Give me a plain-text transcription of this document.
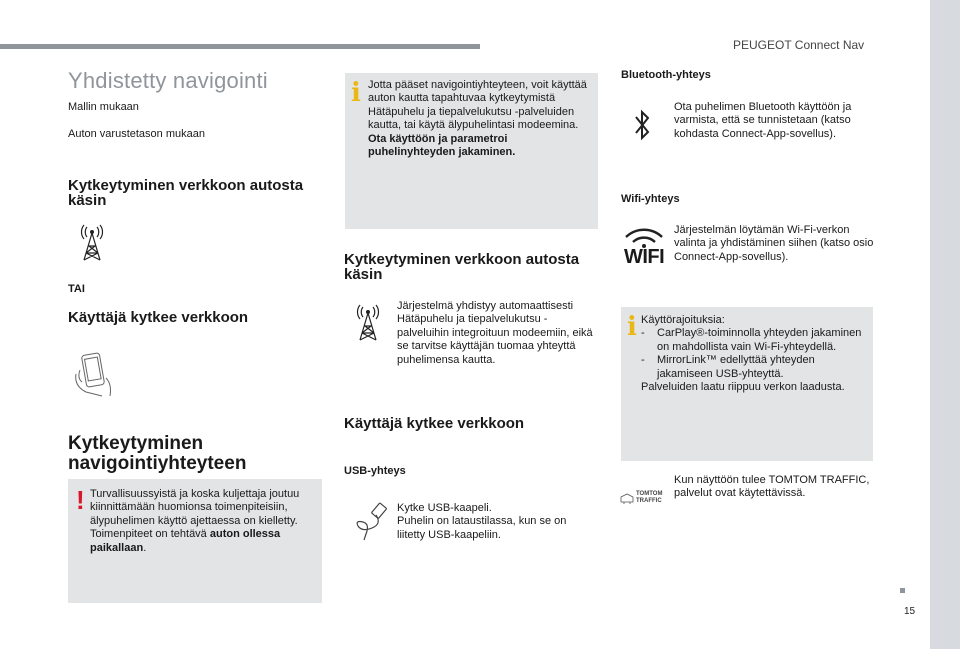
PEUGEOT Connect Nav
Yhdistetty navigointi
Mallin mukaan
Auton varustetason mukaan
Kytkeytyminen verkkoon autosta käsin
TAI
Käyttäjä kytkee verkkoon
Kytkeytyminen
navigointiyhteyteen
! Turvallisuussyistä ja koska kuljettaja joutuu kiinnittämään huomionsa toimenpiteisiin, älypuhelimen käyttö ajettaessa on kielletty.
Toimenpiteet on tehtävä auton ollessa paikallaan.
i Jotta pääset navigointiyhteyteen, voit käyttää auton kautta tapahtuvaa kytkeytymistä Hätäpuhelu ja tiepalvelukutsu -palveluiden kautta, tai käytä älypuhelintasi modeemina.
Ota käyttöön ja parametroi puhelinyhteyden jakaminen.
Kytkeytyminen verkkoon autosta käsin
Järjestelmä yhdistyy automaattisesti Hätäpuhelu ja tiepalvelukutsu -palveluihin integroituun modeemiin, eikä se tarvitse käyttäjän tuomaa yhteyttä puhelimensa kautta.
Käyttäjä kytkee verkkoon
USB-yhteys
Kytke USB-kaapeli.
Puhelin on lataustilassa, kun se on liitetty USB-kaapeliin.
Bluetooth-yhteys
Ota puhelimen Bluetooth käyttöön ja varmista, että se tunnistetaan (katso kohdasta Connect-App-sovellus).
Wifi-yhteys
WIFI
Järjestelmän löytämän Wi-Fi-verkon valinta ja yhdistäminen siihen (katso osio Connect-App-sovellus).
i Käyttörajoituksia:
-	CarPlay®-toiminnolla yhteyden jakaminen on mahdollista vain Wi-Fi-yhteydellä.
-	MirrorLink™ edellyttää yhteyden jakamiseen USB-yhteyttä.
Palveluiden laatu riippuu verkon laadusta.
TOMTOM
TRAFFIC
Kun näyttöön tulee TOMTOM TRAFFIC, palvelut ovat käytettävissä.
15
